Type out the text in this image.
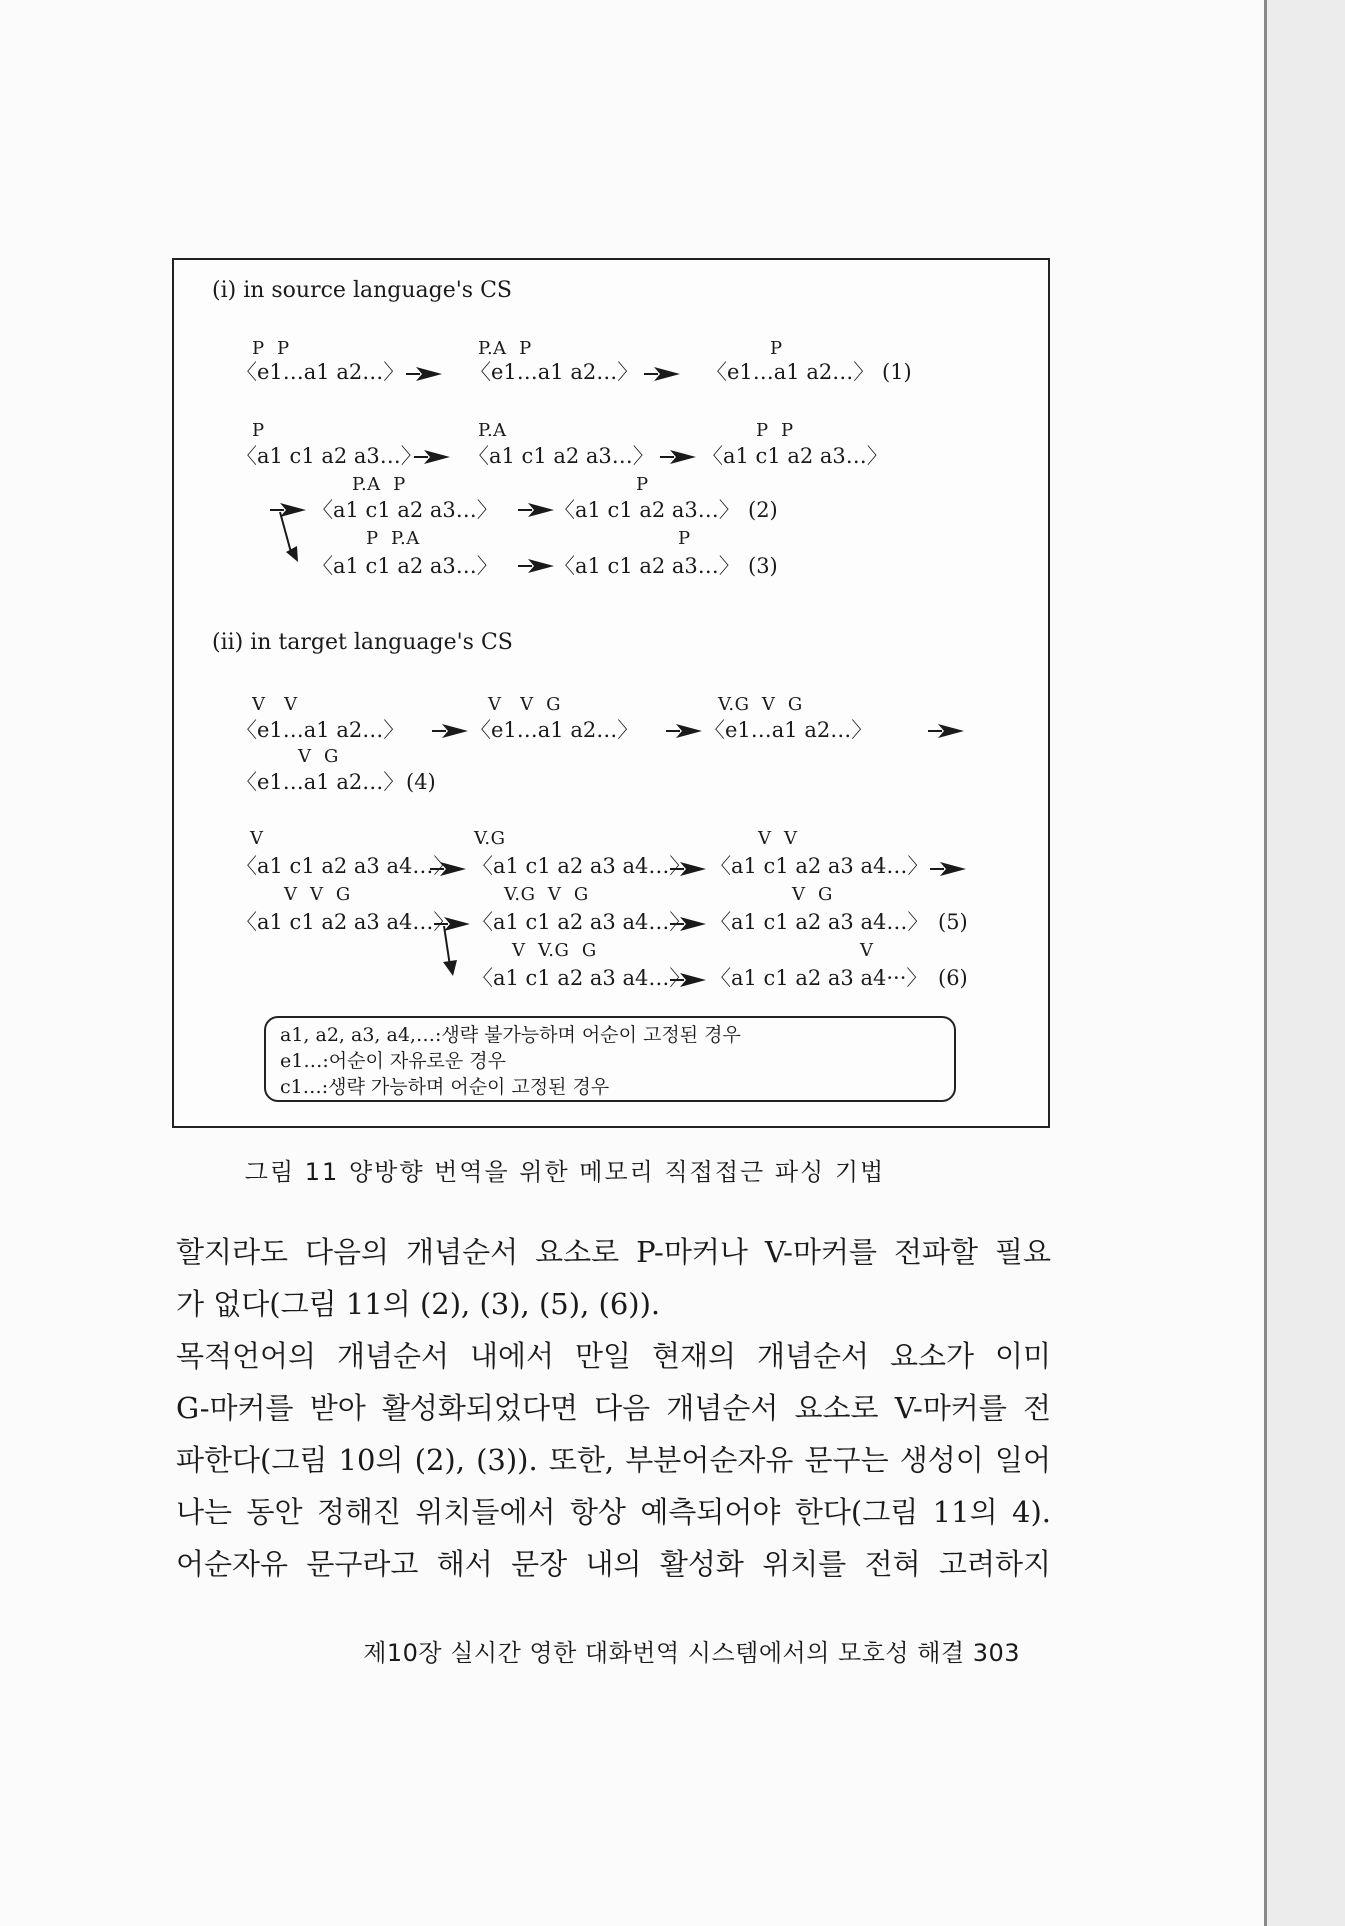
(i) in source language's CS
P  P
〈e1…a1 a2…〉
P.A  P
〈e1…a1 a2…〉
P
〈e1…a1 a2…〉 (1)
P
〈a1 c1 a2 a3…〉
P.A
〈a1 c1 a2 a3…〉
P  P
〈a1 c1 a2 a3…〉
P.A  P
〈a1 c1 a2 a3…〉
P
〈a1 c1 a2 a3…〉 (2)
P  P.A
〈a1 c1 a2 a3…〉
P
〈a1 c1 a2 a3…〉 (3)
(ii) in target language's CS
V   V
〈e1…a1 a2…〉
V   V  G
〈e1…a1 a2…〉
V.G  V  G
〈e1…a1 a2…〉
V  G
〈e1…a1 a2…〉 (4)
V
〈a1 c1 a2 a3 a4…〉
V.G
〈a1 c1 a2 a3 a4…〉
V  V
〈a1 c1 a2 a3 a4…〉
V  V  G
〈a1 c1 a2 a3 a4…〉
V.G  V  G
〈a1 c1 a2 a3 a4…〉
V  G
〈a1 c1 a2 a3 a4…〉 (5)
V  V.G  G
〈a1 c1 a2 a3 a4…〉
V
〈a1 c1 a2 a3 a4···〉 (6)
a1, a2, a3, a4,…:생략 불가능하며 어순이 고정된 경우
e1…:어순이 자유로운 경우
c1…:생략 가능하며 어순이 고정된 경우
그림 11 양방향 번역을 위한 메모리 직접접근 파싱 기법
할지라도 다음의 개념순서 요소로 P-마커나 V-마커를 전파할 필요
가 없다(그림 11의 (2), (3), (5), (6)).
목적언어의 개념순서 내에서 만일 현재의 개념순서 요소가 이미
G-마커를 받아 활성화되었다면 다음 개념순서 요소로 V-마커를 전
파한다(그림 10의 (2), (3)). 또한, 부분어순자유 문구는 생성이 일어
나는 동안 정해진 위치들에서 항상 예측되어야 한다(그림 11의 4).
어순자유 문구라고 해서 문장 내의 활성화 위치를 전혀 고려하지
제10장 실시간 영한 대화번역 시스템에서의 모호성 해결 303
